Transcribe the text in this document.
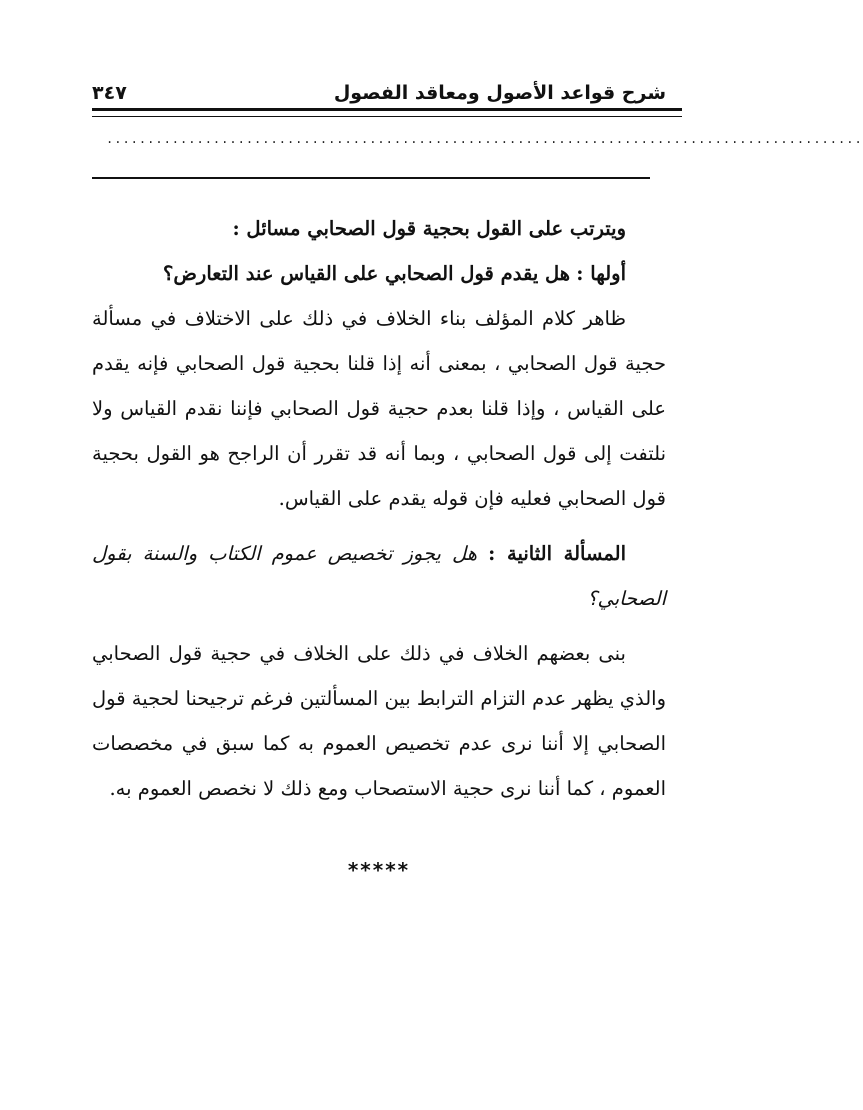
شرح قواعد الأصول ومعاقد الفصول
٣٤٧
............................................................................................

ويترتب على القول بحجية قول الصحابي مسائل :

أولها : هل يقدم قول الصحابي على القياس عند التعارض؟

ظاهر كلام المؤلف بناء الخلاف في ذلك على الاختلاف في مسألة حجية قول الصحابي ، بمعنى أنه إذا قلنا بحجية قول الصحابي فإنه يقدم على القياس ، وإذا قلنا بعدم حجية قول الصحابي فإننا نقدم القياس ولا نلتفت إلى قول الصحابي ، وبما أنه قد تقرر أن الراجح هو القول بحجية قول الصحابي فعليه فإن قوله يقدم على القياس.

المسألة الثانية : هل يجوز تخصيص عموم الكتاب والسنة بقول الصحابي؟

بنى بعضهم الخلاف في ذلك على الخلاف في حجية قول الصحابي والذي يظهر عدم التزام الترابط بين المسألتين فرغم ترجيحنا لحجية قول الصحابي إلا أننا نرى عدم تخصيص العموم به كما سبق في مخصصات العموم ، كما أننا نرى حجية الاستصحاب ومع ذلك لا نخصص العموم به.

*****
